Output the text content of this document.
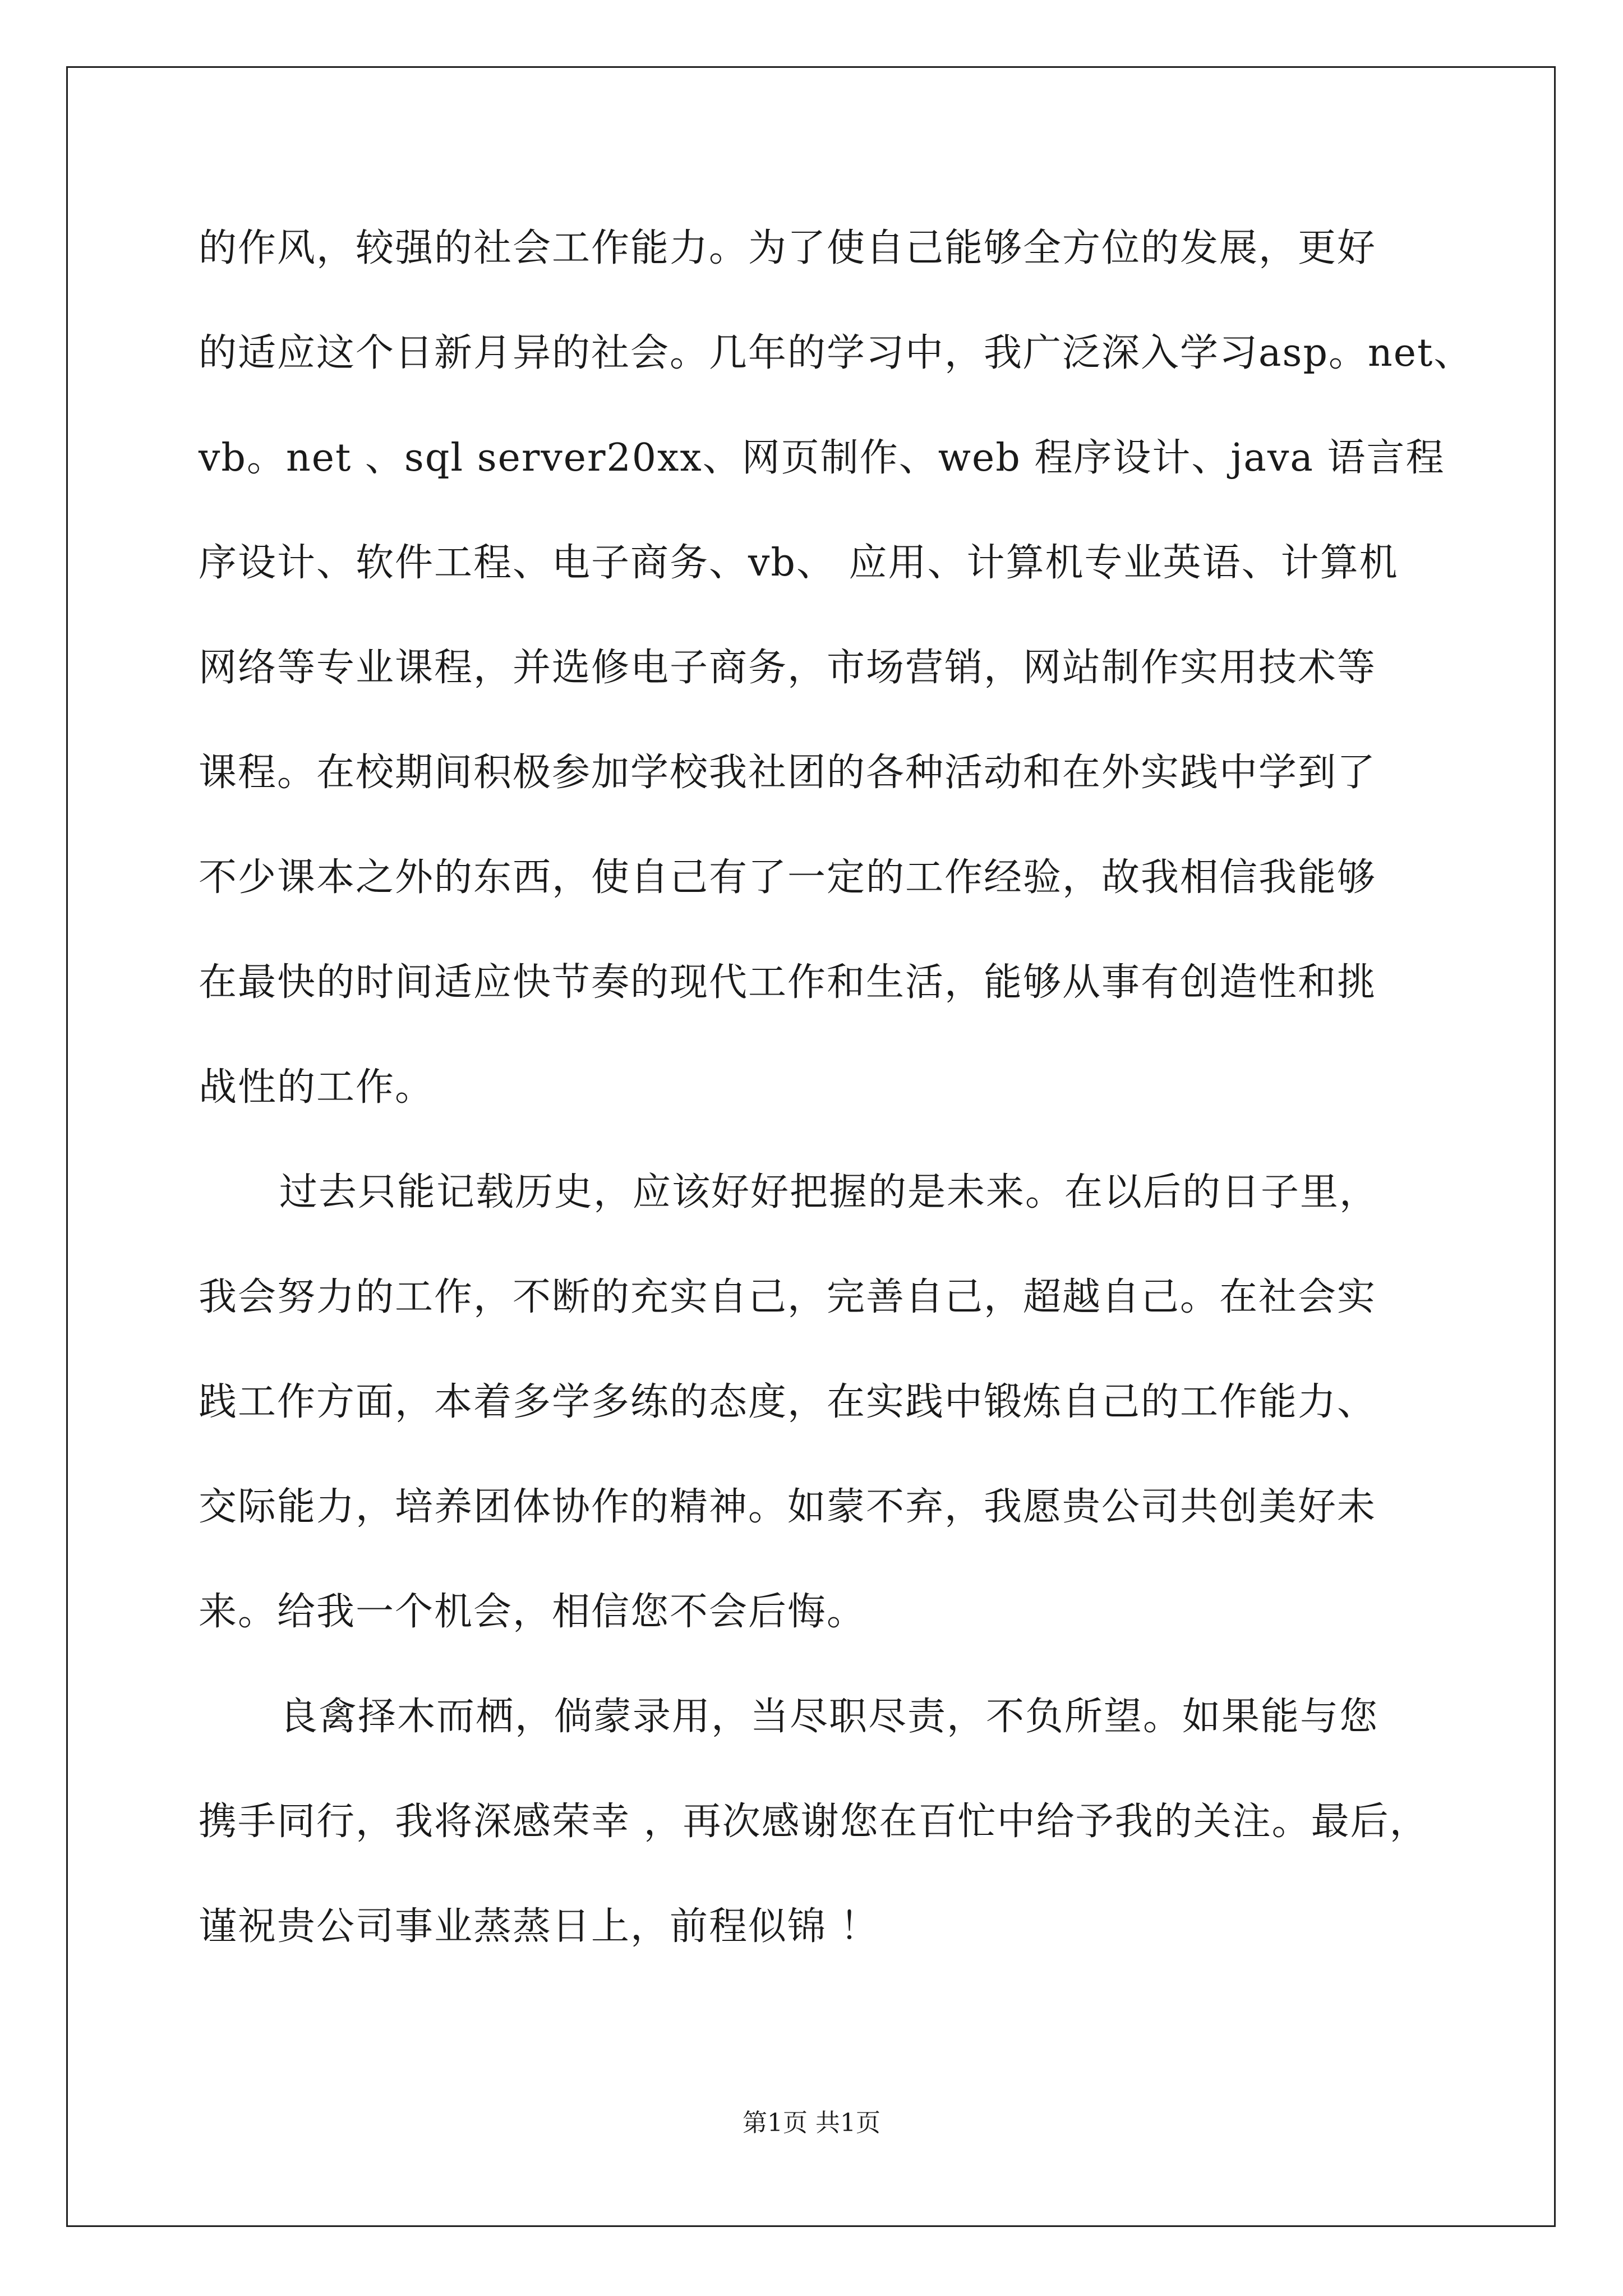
的作风，较强的社会工作能力。为了使自己能够全方位的发展，更好
的适应这个日新月异的社会。几年的学习中，我广泛深入学习asp。net、
vb。net 、sql server20xx、网页制作、web 程序设计、java 语言程
序设计、软件工程、电子商务、vb、 应用、计算机专业英语、计算机
网络等专业课程，并选修电子商务，市场营销，网站制作实用技术等
课程。在校期间积极参加学校我社团的各种活动和在外实践中学到了
不少课本之外的东西，使自己有了一定的工作经验，故我相信我能够
在最快的时间适应快节奏的现代工作和生活，能够从事有创造性和挑
战性的工作。
过去只能记载历史，应该好好把握的是未来。在以后的日子里，
我会努力的工作，不断的充实自己，完善自己，超越自己。在社会实
践工作方面，本着多学多练的态度，在实践中锻炼自己的工作能力、
交际能力，培养团体协作的精神。如蒙不弃，我愿贵公司共创美好未
来。给我一个机会，相信您不会后悔。
良禽择木而栖，倘蒙录用，当尽职尽责，不负所望。如果能与您
携手同行，我将深感荣幸 ，再次感谢您在百忙中给予我的关注。最后，
谨祝贵公司事业蒸蒸日上，前程似锦 ！
第1页 共1页
